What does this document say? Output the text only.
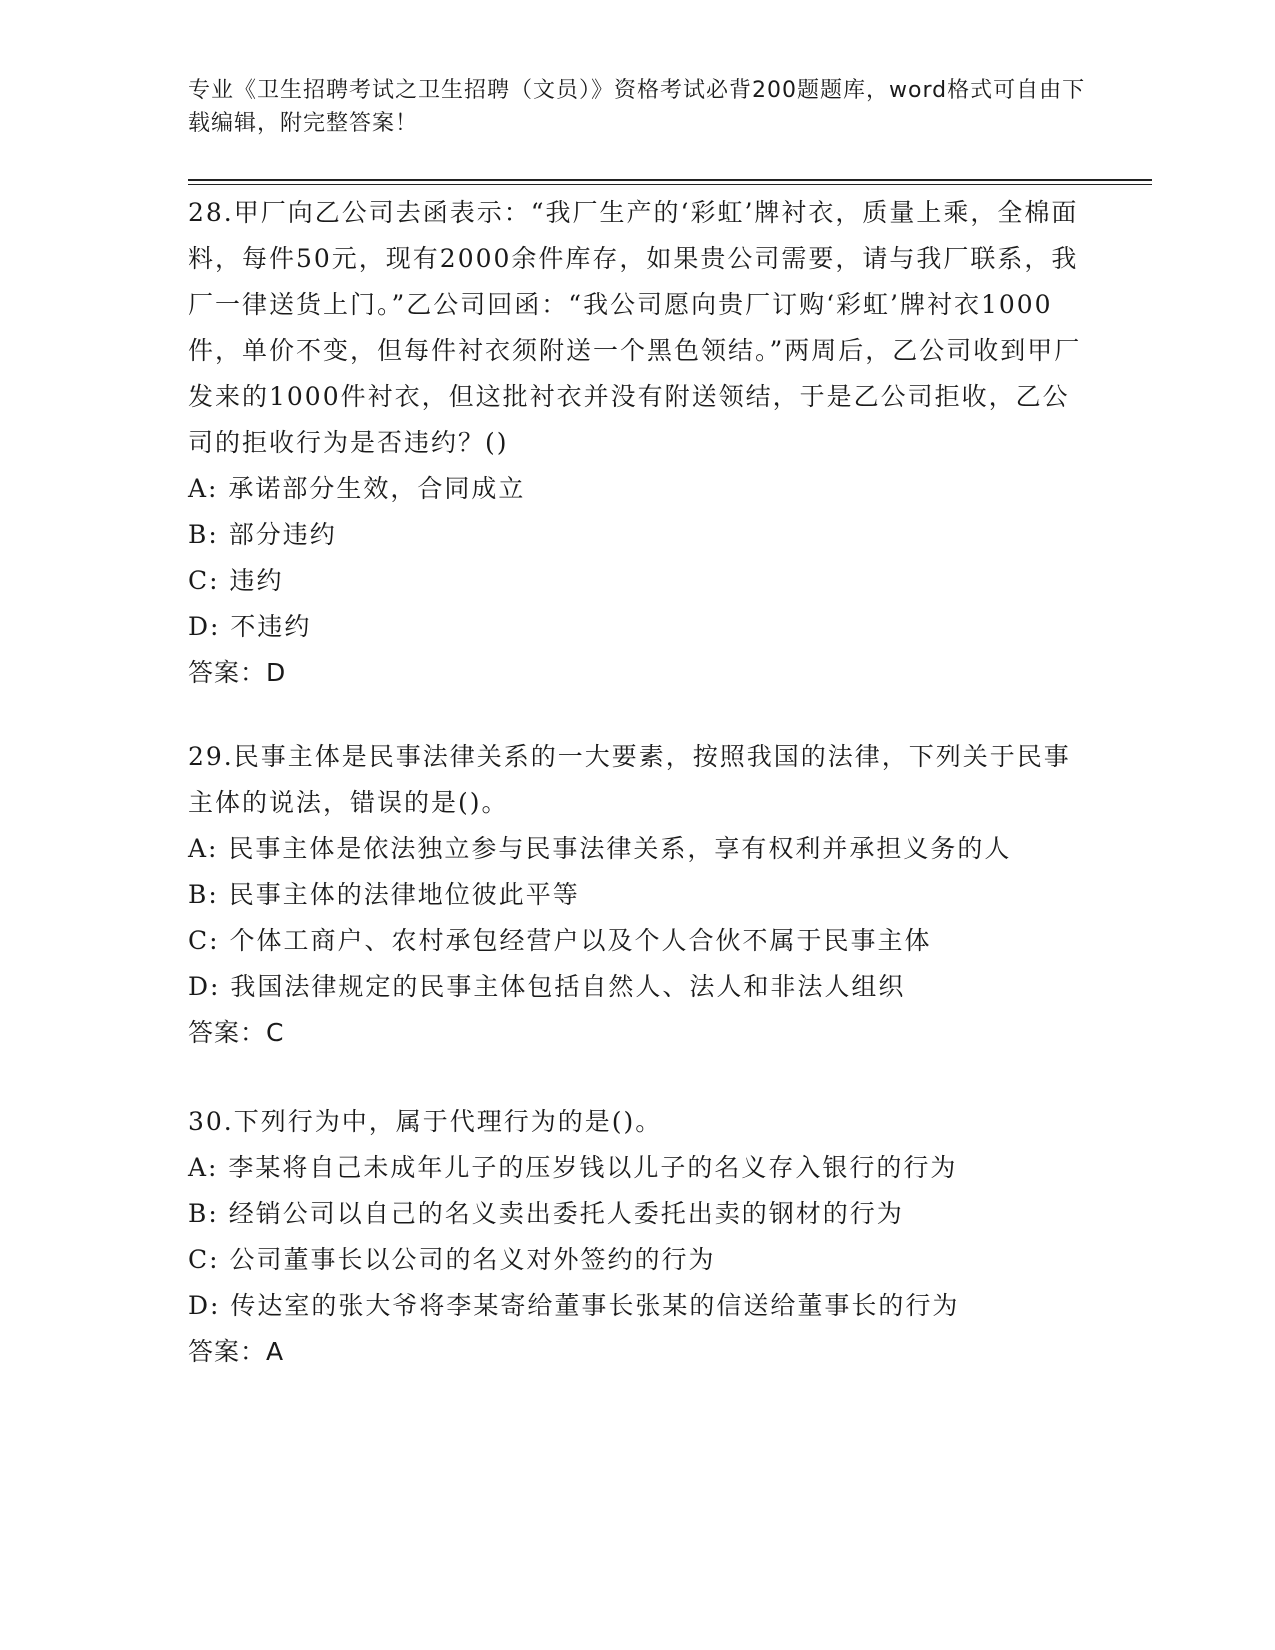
专业《卫生招聘考试之卫生招聘（文员）》资格考试必背200题题库，word格式可自由下载编辑，附完整答案！

28.甲厂向乙公司去函表示：“我厂生产的‘彩虹’牌衬衣，质量上乘，全棉面料，每件50元，现有2000余件库存，如果贵公司需要，请与我厂联系，我厂一律送货上门。”乙公司回函：“我公司愿向贵厂订购‘彩虹’牌衬衣1000件，单价不变，但每件衬衣须附送一个黑色领结。”两周后，乙公司收到甲厂发来的1000件衬衣，但这批衬衣并没有附送领结，于是乙公司拒收，乙公司的拒收行为是否违约？()

A: 承诺部分生效，合同成立

B: 部分违约

C: 违约

D: 不违约

答案：D

29.民事主体是民事法律关系的一大要素，按照我国的法律，下列关于民事主体的说法，错误的是()。

A: 民事主体是依法独立参与民事法律关系，享有权利并承担义务的人

B: 民事主体的法律地位彼此平等

C: 个体工商户、农村承包经营户以及个人合伙不属于民事主体

D: 我国法律规定的民事主体包括自然人、法人和非法人组织

答案：C

30.下列行为中，属于代理行为的是()。

A: 李某将自己未成年儿子的压岁钱以儿子的名义存入银行的行为

B: 经销公司以自己的名义卖出委托人委托出卖的钢材的行为

C: 公司董事长以公司的名义对外签约的行为

D: 传达室的张大爷将李某寄给董事长张某的信送给董事长的行为

答案：A
